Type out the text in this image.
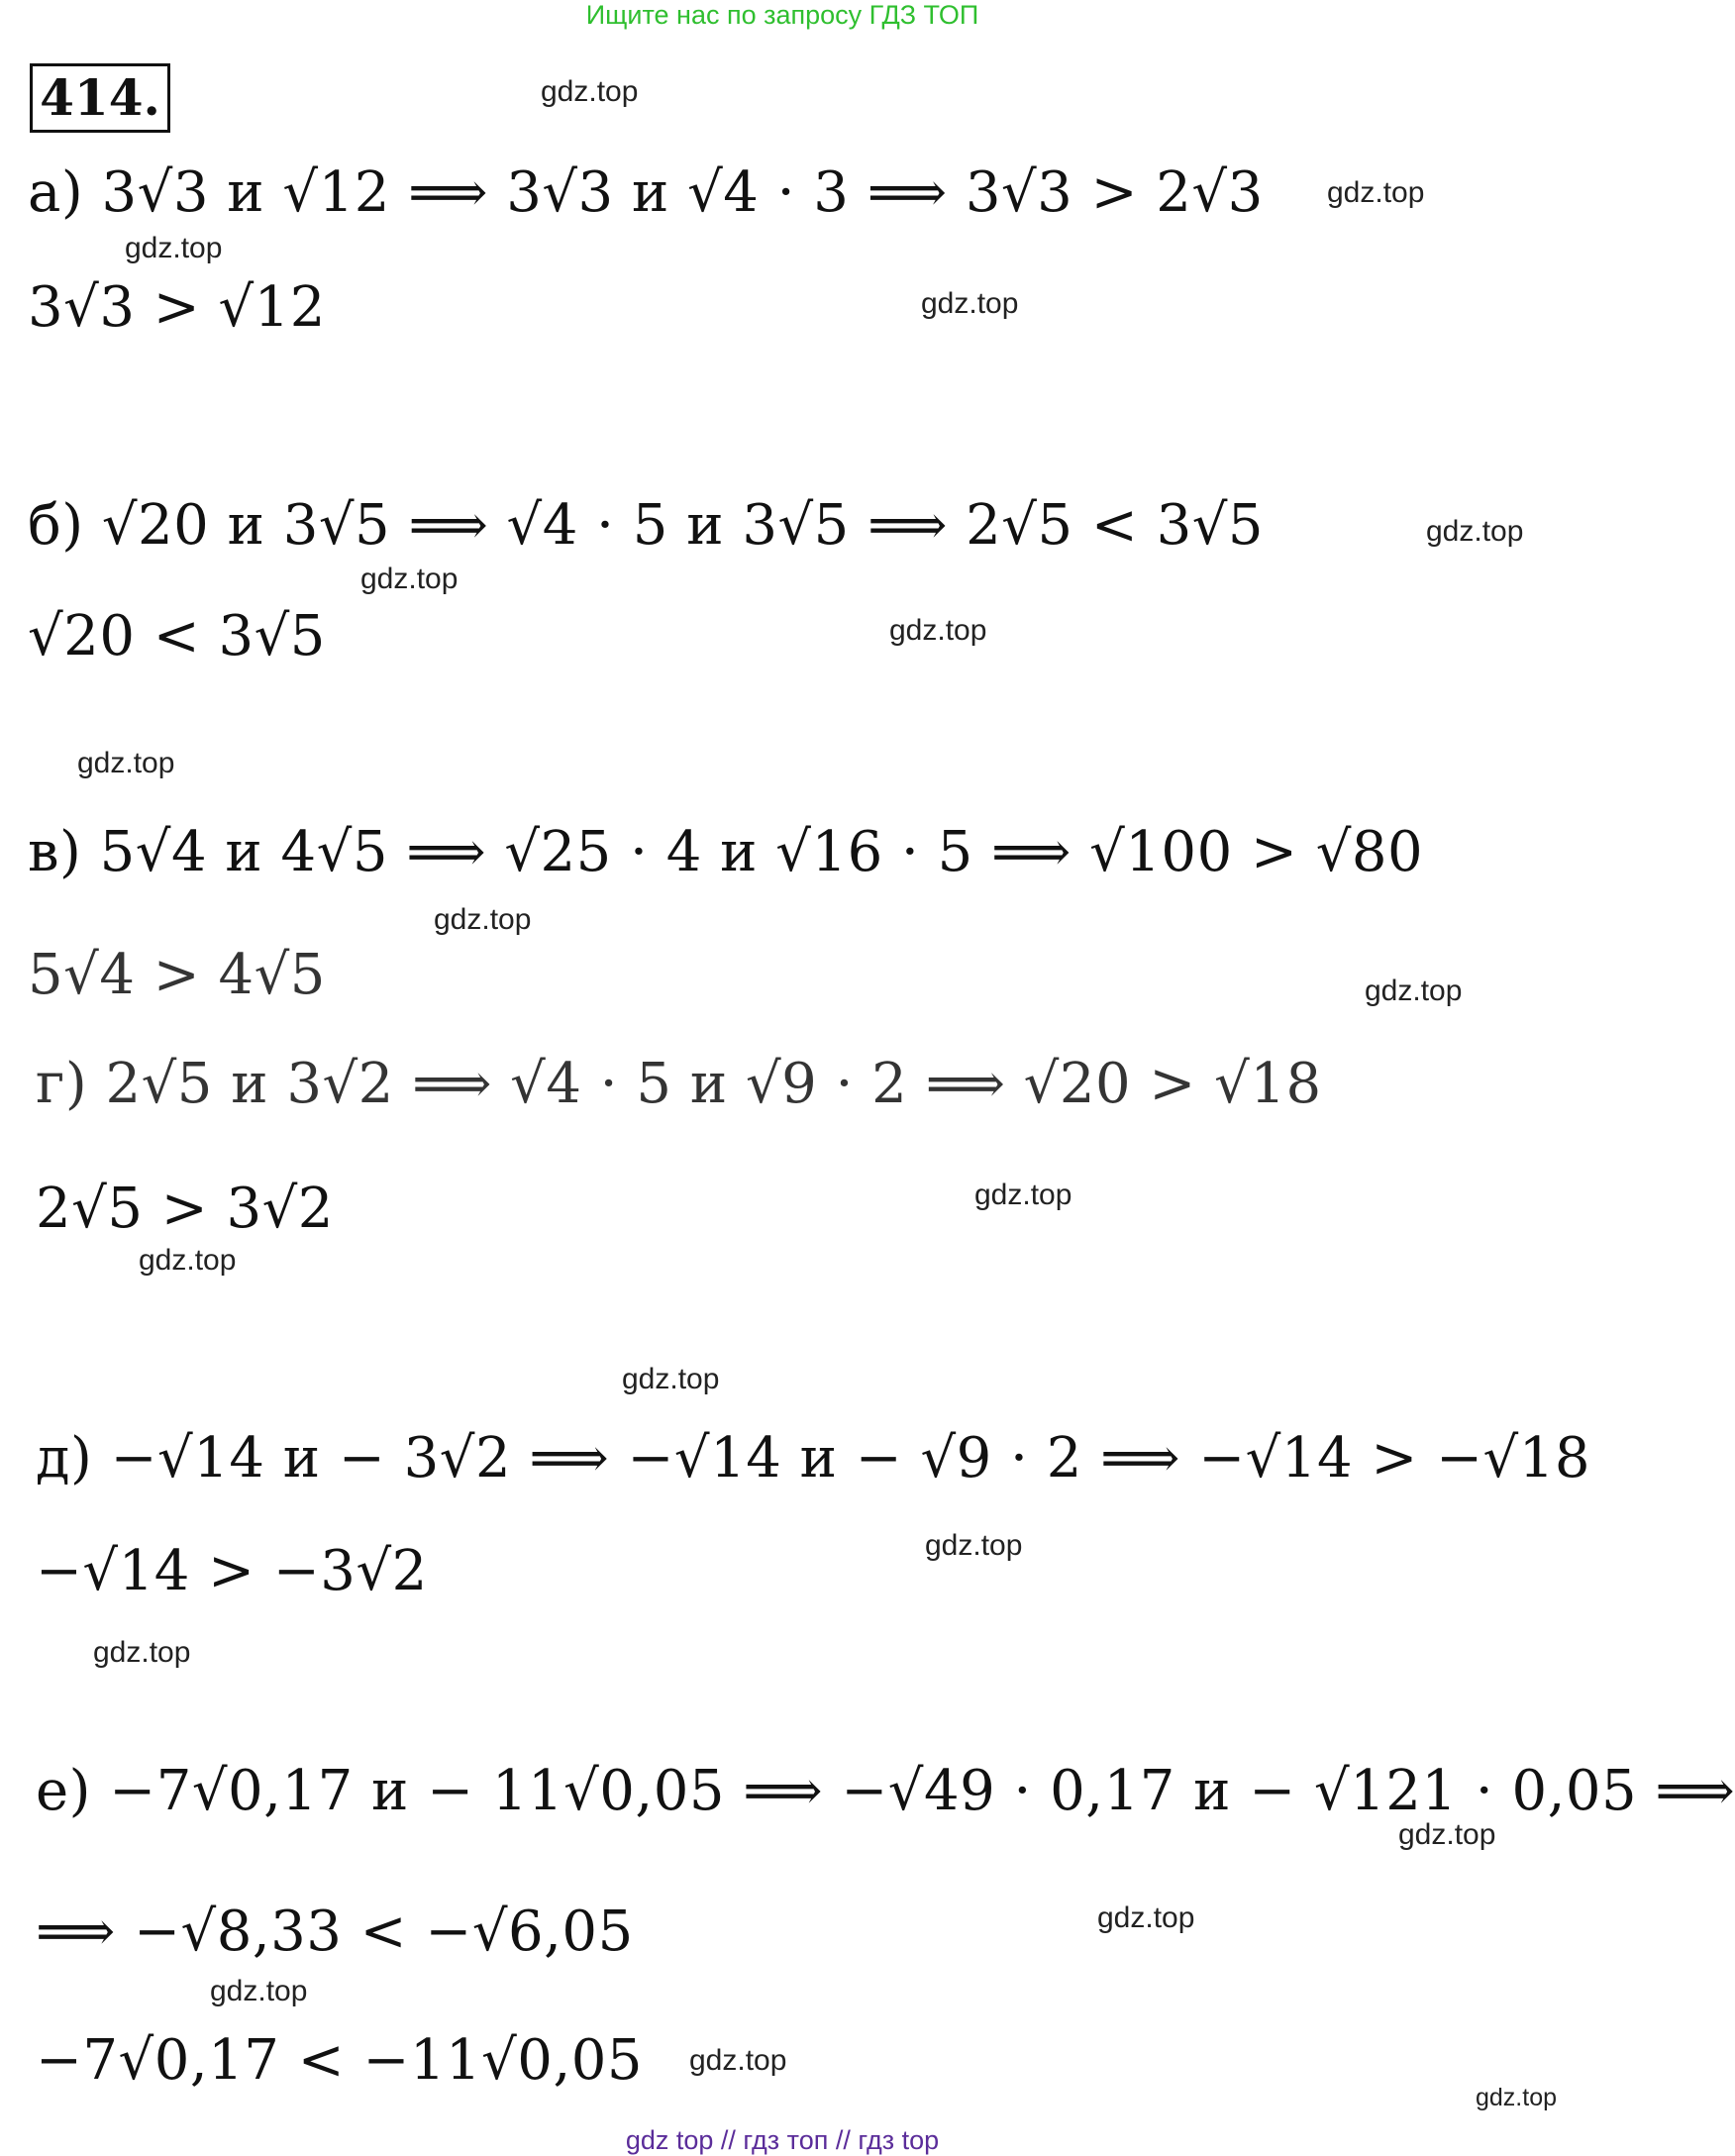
Ищите нас по запросу ГДЗ ТОП
414.
а) 3√3 и √12 ⟹ 3√3 и √4 · 3 ⟹ 3√3 > 2√3
3√3 > √12
б) √20 и 3√5 ⟹ √4 · 5 и 3√5 ⟹ 2√5 < 3√5
√20 < 3√5
в) 5√4 и 4√5 ⟹ √25 · 4 и √16 · 5 ⟹ √100 > √80
5√4 > 4√5
г) 2√5 и 3√2 ⟹ √4 · 5 и √9 · 2 ⟹ √20 > √18
2√5 > 3√2
д) −√14 и − 3√2 ⟹ −√14 и − √9 · 2 ⟹ −√14 > −√18
−√14 > −3√2
е) −7√0,17 и − 11√0,05 ⟹ −√49 · 0,17 и − √121 · 0,05 ⟹
⟹ −√8,33 < −√6,05
−7√0,17 < −11√0,05
gdz.top
gdz.top
gdz.top
gdz.top
gdz.top
gdz.top
gdz.top
gdz.top
gdz.top
gdz.top
gdz.top
gdz.top
gdz.top
gdz.top
gdz.top
gdz.top
gdz.top
gdz.top
gdz.top
gdz.top
gdz top // гдз топ // гдз top
